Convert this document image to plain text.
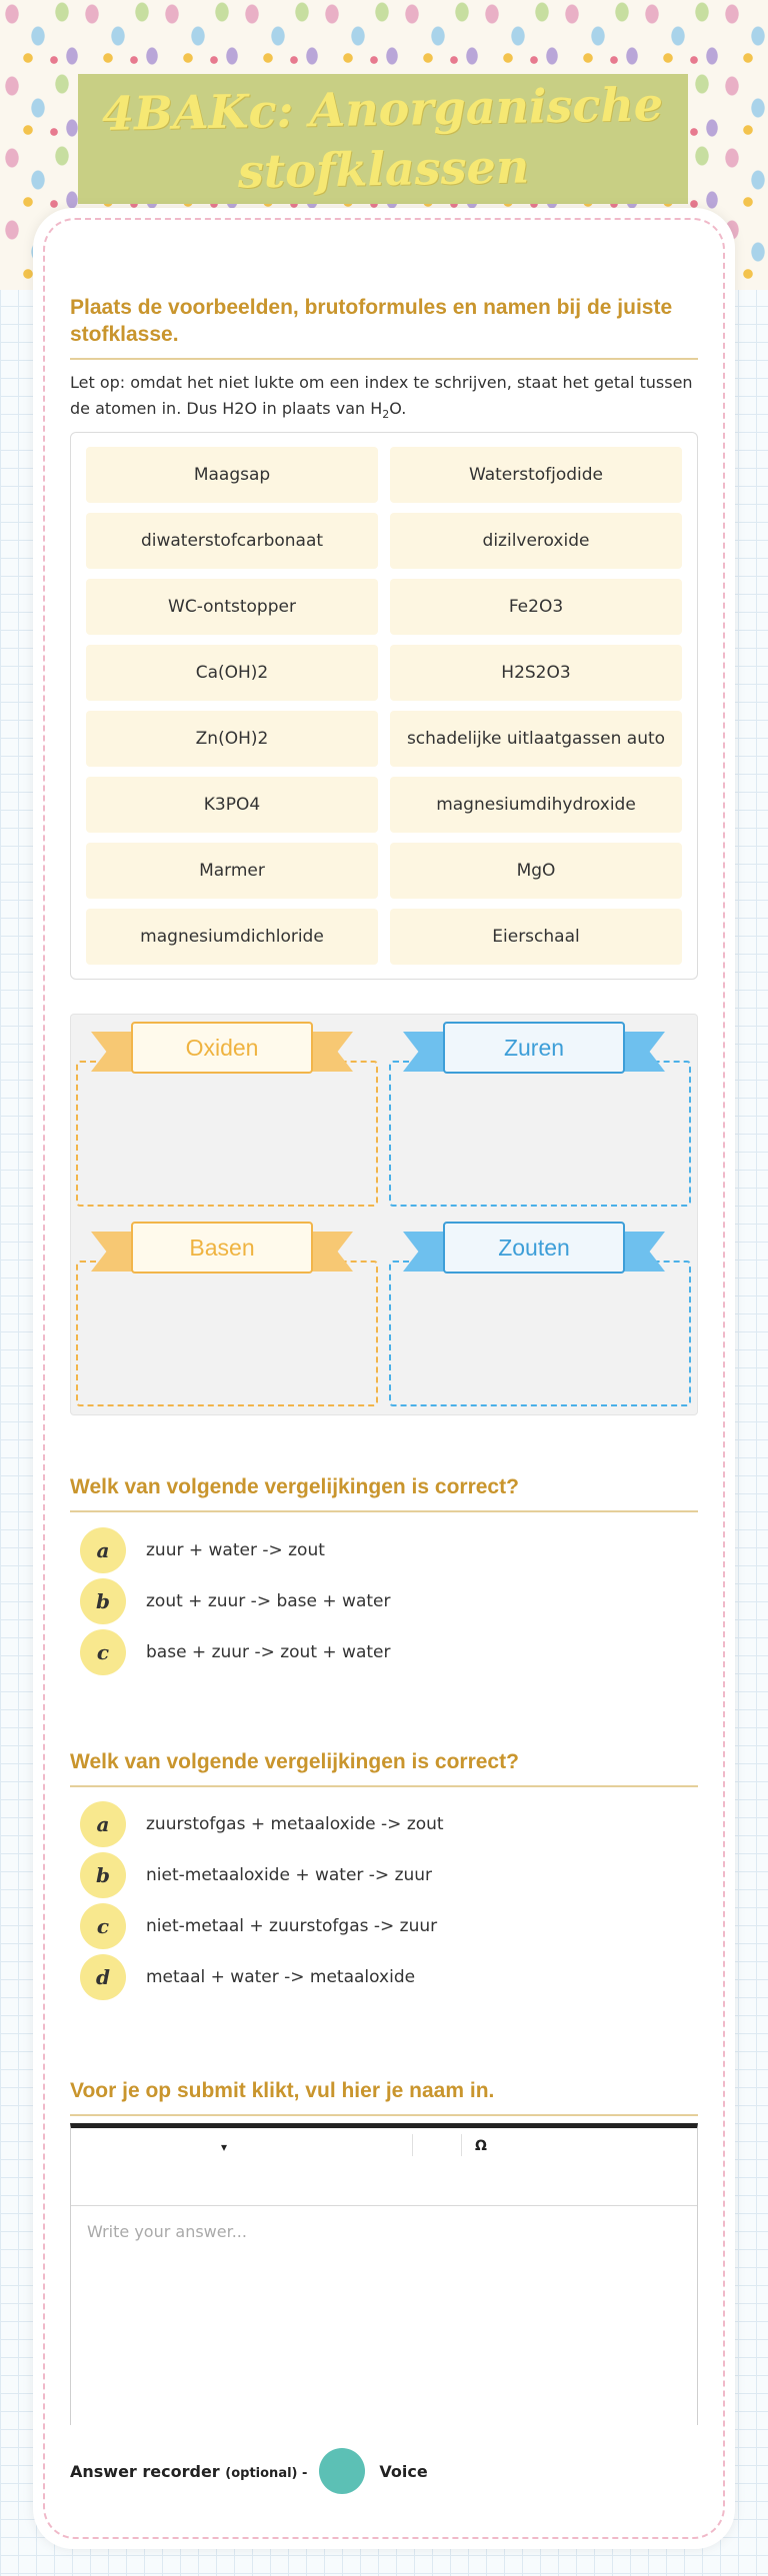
4BAKc: Anorganische stofklassen
Plaats de voorbeelden, brutoformules en namen bij de juiste stofklasse.
Let op: omdat het niet lukte om een index te schrijven, staat het getal tussen de atomen in. Dus H2O in plaats van $H_2O$.
Maagsap	Waterstofjodide
diwaterstofcarbonaat	dizilveroxide
WC-ontstopper	Fe2O3
Ca(OH)2	H2S2O3
Zn(OH)2	schadelijke uitlaatgassen auto
K3PO4	magnesiumdihydroxide
Marmer	MgO
magnesiumdichloride	Eierschaal
Oxiden	Zuren
Basen	Zouten
Welk van volgende vergelijkingen is correct?
a	zuur + water -> zout
b	zout + zuur -> base + water
c	base + zuur -> zout + water
Welk van volgende vergelijkingen is correct?
a	zuurstofgas + metaaloxide -> zout
b	niet-metaaloxide + water -> zuur
c	niet-metaal + zuurstofgas -> zuur
d	metaal + water -> metaaloxide
Voor je op submit klikt, vul hier je naam in.
▾	Ω
Write your answer...
Answer recorder (optional) -	Voice
